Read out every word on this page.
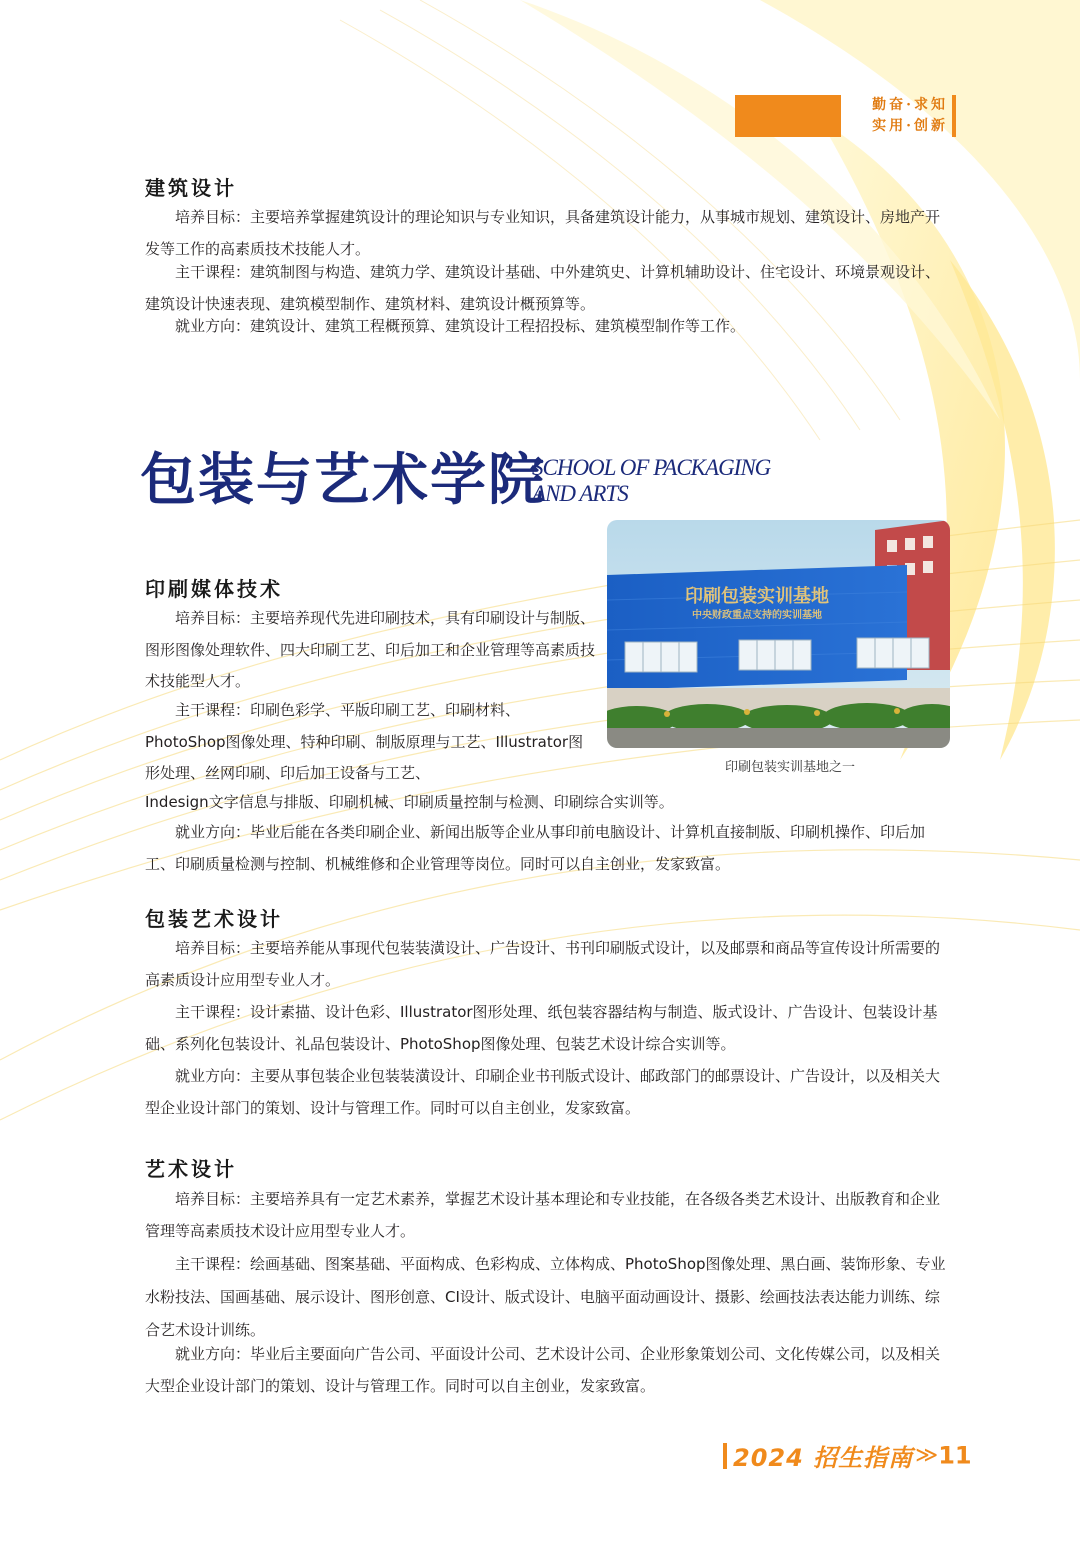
勤奋·求知
实用·创新
建筑设计

培养目标：主要培养掌握建筑设计的理论知识与专业知识，具备建筑设计能力，从事城市规划、建筑设计、房地产开发等工作的高素质技术技能人才。

主干课程：建筑制图与构造、建筑力学、建筑设计基础、中外建筑史、计算机辅助设计、住宅设计、环境景观设计、建筑设计快速表现、建筑模型制作、建筑材料、建筑设计概预算等。

就业方向：建筑设计、建筑工程概预算、建筑设计工程招投标、建筑模型制作等工作。

包装与艺术学院
SCHOOL OF PACKAGING
AND ARTS
印刷包装实训基地
中央财政重点支持的实训基地
印刷包装实训基地之一
印刷媒体技术

培养目标：主要培养现代先进印刷技术，具有印刷设计与制版、图形图像处理软件、四大印刷工艺、印后加工和企业管理等高素质技术技能型人才。

主干课程：印刷色彩学、平版印刷工艺、印刷材料、PhotoShop图像处理、特种印刷、制版原理与工艺、Illustrator图形处理、丝网印刷、印后加工设备与工艺、

Indesign文字信息与排版、印刷机械、印刷质量控制与检测、印刷综合实训等。

就业方向：毕业后能在各类印刷企业、新闻出版等企业从事印前电脑设计、计算机直接制版、印刷机操作、印后加工、印刷质量检测与控制、机械维修和企业管理等岗位。同时可以自主创业，发家致富。

包装艺术设计

培养目标：主要培养能从事现代包装装潢设计、广告设计、书刊印刷版式设计，以及邮票和商品等宣传设计所需要的高素质设计应用型专业人才。

主干课程：设计素描、设计色彩、Illustrator图形处理、纸包装容器结构与制造、版式设计、广告设计、包装设计基础、系列化包装设计、礼品包装设计、PhotoShop图像处理、包装艺术设计综合实训等。

就业方向：主要从事包装企业包装装潢设计、印刷企业书刊版式设计、邮政部门的邮票设计、广告设计，以及相关大型企业设计部门的策划、设计与管理工作。同时可以自主创业，发家致富。

艺术设计

培养目标：主要培养具有一定艺术素养，掌握艺术设计基本理论和专业技能，在各级各类艺术设计、出版教育和企业管理等高素质技术设计应用型专业人才。

主干课程：绘画基础、图案基础、平面构成、色彩构成、立体构成、PhotoShop图像处理、黑白画、装饰形象、专业水粉技法、国画基础、展示设计、图形创意、CI设计、版式设计、电脑平面动画设计、摄影、绘画技法表达能力训练、综合艺术设计训练。

就业方向：毕业后主要面向广告公司、平面设计公司、艺术设计公司、企业形象策划公司、文化传媒公司，以及相关大型企业设计部门的策划、设计与管理工作。同时可以自主创业，发家致富。

2024 招生指南≫11
